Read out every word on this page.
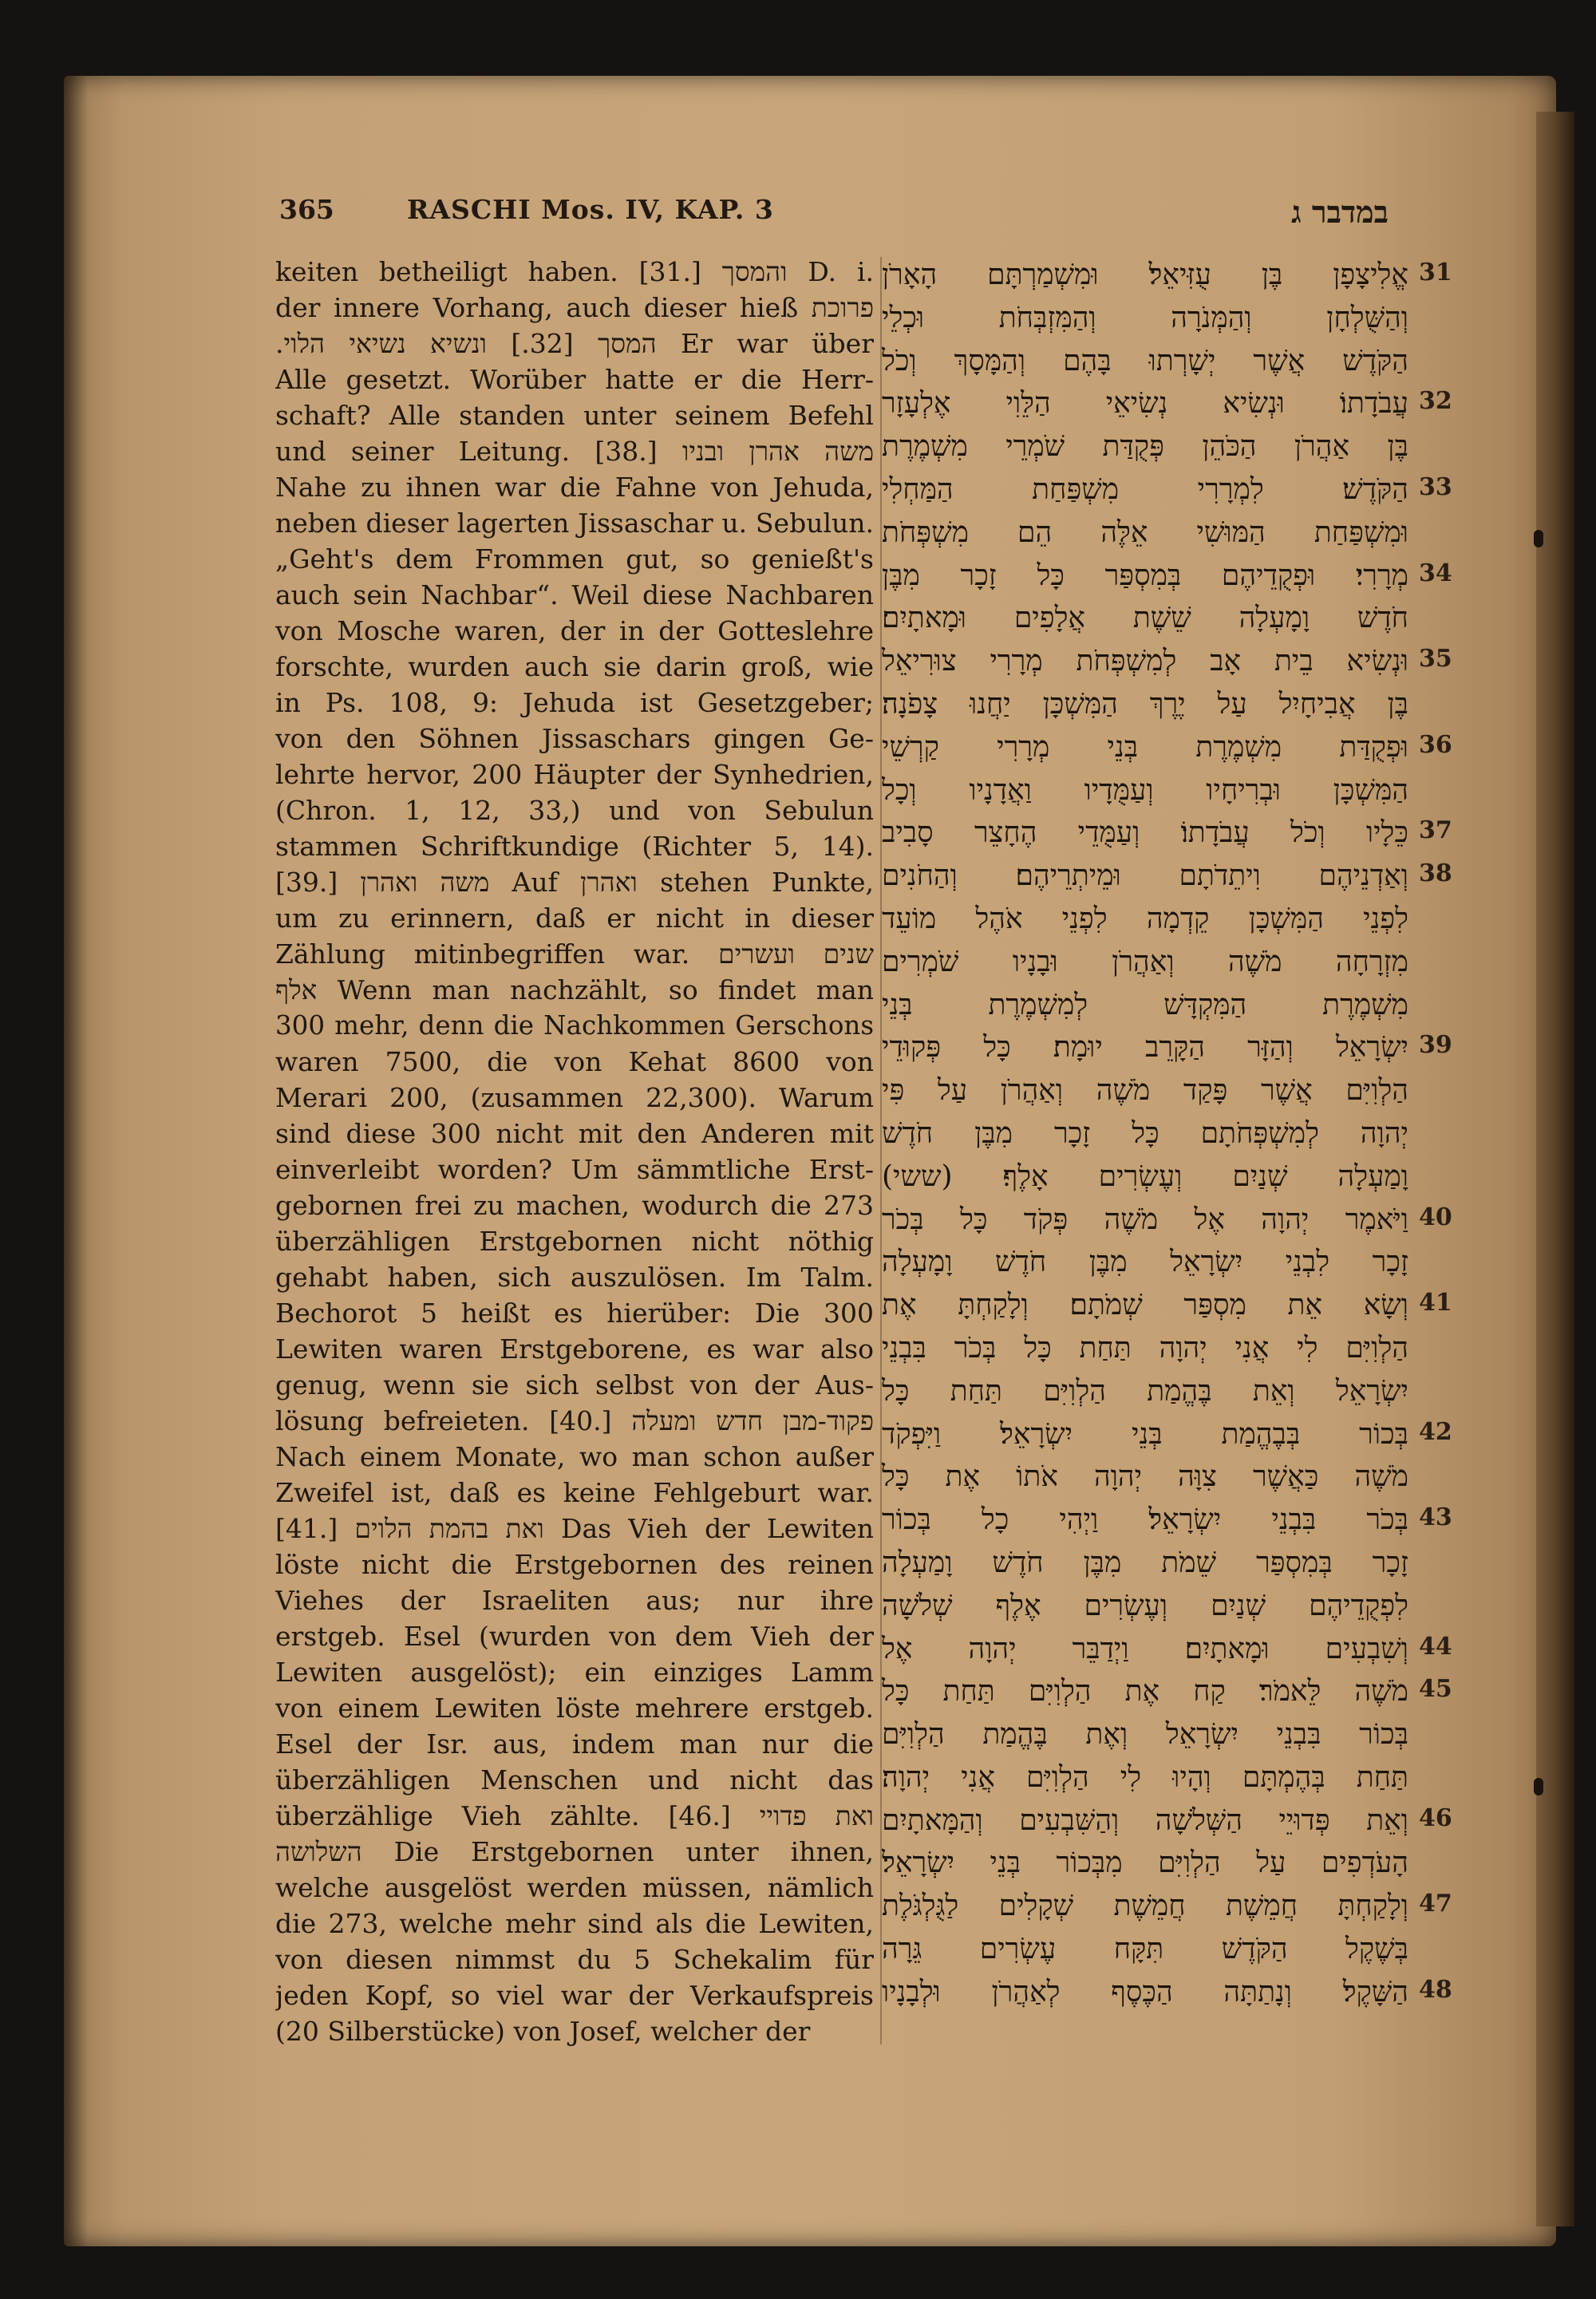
365	RASCHI Mos. IV, KAP. 3	במדבר ג
keiten betheiligt haben. [31.] והמסך D. i.
der innere Vorhang, auch dieser hieß פרוכת
.המסך [32.] ונשיא נשיאי הלוי Er war über
Alle gesetzt. Worüber hatte er die Herr-
schaft? Alle standen unter seinem Befehl
und seiner Leitung. [38.] משה אהרן ובניו
Nahe zu ihnen war die Fahne von Jehuda,
neben dieser lagerten Jissaschar u. Sebulun.
„Geht's dem Frommen gut, so genießt's
auch sein Nachbar“. Weil diese Nachbaren
von Mosche waren, der in der Gotteslehre
forschte, wurden auch sie darin groß, wie
in Ps. 108, 9: Jehuda ist Gesetzgeber;
von den Söhnen Jissaschars gingen Ge-
lehrte hervor, 200 Häupter der Synhedrien,
(Chron. 1, 12, 33,) und von Sebulun
stammen Schriftkundige (Richter 5, 14).
[39.] משה ואהרן Auf ואהרן stehen Punkte,
um zu erinnern, daß er nicht in dieser
Zählung mitinbegriffen war. שנים ועשרים
אלף Wenn man nachzählt, so findet man
300 mehr, denn die Nachkommen Gerschons
waren 7500, die von Kehat 8600 von
Merari 200, (zusammen 22,300). Warum
sind diese 300 nicht mit den Anderen mit
einverleibt worden? Um sämmtliche Erst-
gebornen frei zu machen, wodurch die 273
überzähligen Erstgebornen nicht nöthig
gehabt haben, sich auszulösen. Im Talm.
Bechorot 5 heißt es hierüber: Die 300
Lewiten waren Erstgeborene, es war also
genug, wenn sie sich selbst von der Aus-
lösung befreieten. [40.] פקוד-מבן חדש ומעלה
Nach einem Monate, wo man schon außer
Zweifel ist, daß es keine Fehlgeburt war.
[41.] ואת בהמת הלוים Das Vieh der Lewiten
löste nicht die Erstgebornen des reinen
Viehes der Israeliten aus; nur ihre
erstgeb. Esel (wurden von dem Vieh der
Lewiten ausgelöst); ein einziges Lamm
von einem Lewiten löste mehrere erstgeb.
Esel der Isr. aus, indem man nur die
überzähligen Menschen und nicht das
überzählige Vieh zählte. [46.] ואת פדויי
השלושה Die Erstgebornen unter ihnen,
welche ausgelöst werden müssen, nämlich
die 273, welche mehr sind als die Lewiten,
von diesen nimmst du 5 Schekalim für
jeden Kopf, so viel war der Verkaufspreis
(20 Silberstücke) von Josef, welcher der
אֱלִיצָפָן בֶּן עֻזִּיאֵל׃ וּמִשְׁמַרְתָּם הָאָרֹן
וְהַשֻּׁלְחָן וְהַמְּנֹרָה וְהַמִּזְבְּחֹת וּכְלֵי
הַקֹּדֶשׁ אֲשֶׁר יְשָׁרְתוּ בָּהֶם וְהַמָּסָךְ וְכֹל
עֲבֹדָתוֹ׃ וּנְשִׂיא נְשִׂיאֵי הַלֵּוִי אֶלְעָזָר
בֶּן אַהֲרֹן הַכֹּהֵן פְּקֻדַּת שֹׁמְרֵי מִשְׁמֶרֶת
הַקֹּדֶשׁ׃ לִמְרָרִי מִשְׁפַּחַת הַמַּחְלִי
וּמִשְׁפַּחַת הַמּוּשִׁי אֵלֶּה הֵם מִשְׁפְּחֹת
מְרָרִי׃ וּפְקֻדֵיהֶם בְּמִסְפַּר כָּל זָכָר מִבֶּן
חֹדֶשׁ וָמָעְלָה שֵׁשֶׁת אֲלָפִים וּמָאתָיִם׃
וּנְשִׂיא בֵית אָב לְמִשְׁפְּחֹת מְרָרִי צוּרִיאֵל
בֶּן אֲבִיחָיִל עַל יֶרֶךְ הַמִּשְׁכָּן יַחֲנוּ צָפֹנָה׃
וּפְקֻדַּת מִשְׁמֶרֶת בְּנֵי מְרָרִי קַרְשֵׁי
הַמִּשְׁכָּן וּבְרִיחָיו וְעַמֻּדָיו וַאֲדָנָיו וְכָל
כֵּלָיו וְכֹל עֲבֹדָתוֹ׃ וְעַמֻּדֵי הֶחָצֵר סָבִיב
וְאַדְנֵיהֶם וִיתֵדֹתָם וּמֵיתְרֵיהֶם׃ וְהַחֹנִים
לִפְנֵי הַמִּשְׁכָּן קֵדְמָה לִפְנֵי אֹהֶל מוֹעֵד
מִזְרָחָה מֹשֶׁה וְאַהֲרֹן וּבָנָיו שֹׁמְרִים
מִשְׁמֶרֶת הַמִּקְדָּשׁ לְמִשְׁמֶרֶת בְּנֵי
יִשְׂרָאֵל וְהַזָּר הַקָּרֵב יוּמָת׃ כָּל פְּקוּדֵי
הַלְוִיִּם אֲשֶׁר פָּקַד מֹשֶׁה וְאַהֲרֹן עַל פִּי
יְהוָה לְמִשְׁפְּחֹתָם כָּל זָכָר מִבֶּן חֹדֶשׁ
וָמַעְלָה שְׁנַיִם וְעֶשְׂרִים אָלֶף׃ (ששי)
וַיֹּאמֶר יְהוָה אֶל מֹשֶׁה פְּקֹד כָּל בְּכֹר
זָכָר לִבְנֵי יִשְׂרָאֵל מִבֶּן חֹדֶשׁ וָמָעְלָה
וְשָׂא אֵת מִסְפַּר שְׁמֹתָם׃ וְלָקַחְתָּ אֶת
הַלְוִיִּם לִי אֲנִי יְהוָה תַּחַת כָּל בְּכֹר בִּבְנֵי
יִשְׂרָאֵל וְאֵת בֶּהֱמַת הַלְוִיִּם תַּחַת כָּל
בְּכוֹר בְּבֶהֱמַת בְּנֵי יִשְׂרָאֵל׃ וַיִּפְקֹד
מֹשֶׁה כַּאֲשֶׁר צִוָּה יְהוָה אֹתוֹ אֶת כָּל
בְּכֹר בִּבְנֵי יִשְׂרָאֵל׃ וַיְהִי כָל בְּכוֹר
זָכָר בְּמִסְפַּר שֵׁמֹת מִבֶּן חֹדֶשׁ וָמַעְלָה
לִפְקֻדֵיהֶם שְׁנַיִם וְעֶשְׂרִים אֶלֶף שְׁלֹשָׁה
וְשִׁבְעִים וּמָאתָיִם׃ וַיְדַבֵּר יְהוָה אֶל
מֹשֶׁה לֵּאמֹר׃ קַח אֶת הַלְוִיִּם תַּחַת כָּל
בְּכוֹר בִּבְנֵי יִשְׂרָאֵל וְאֶת בֶּהֱמַת הַלְוִיִּם
תַּחַת בְּהֶמְתָּם וְהָיוּ לִי הַלְוִיִּם אֲנִי יְהוָה׃
וְאֵת פְּדוּיֵי הַשְּׁלֹשָׁה וְהַשִּׁבְעִים וְהַמָּאתָיִם
הָעֹדְפִים עַל הַלְוִיִּם מִבְּכוֹר בְּנֵי יִשְׂרָאֵל׃
וְלָקַחְתָּ חֲמֵשֶׁת חֲמֵשֶׁת שְׁקָלִים לַגֻּלְגֹּלֶת
בְּשֶׁקֶל הַקֹּדֶשׁ תִּקָּח עֶשְׂרִים גֵּרָה
הַשָּׁקֶל׃ וְנָתַתָּה הַכֶּסֶף לְאַהֲרֹן וּלְבָנָיו
31
32
33
34
35
36
37
38
39
40
41
42
43
44
45
46
47
48
